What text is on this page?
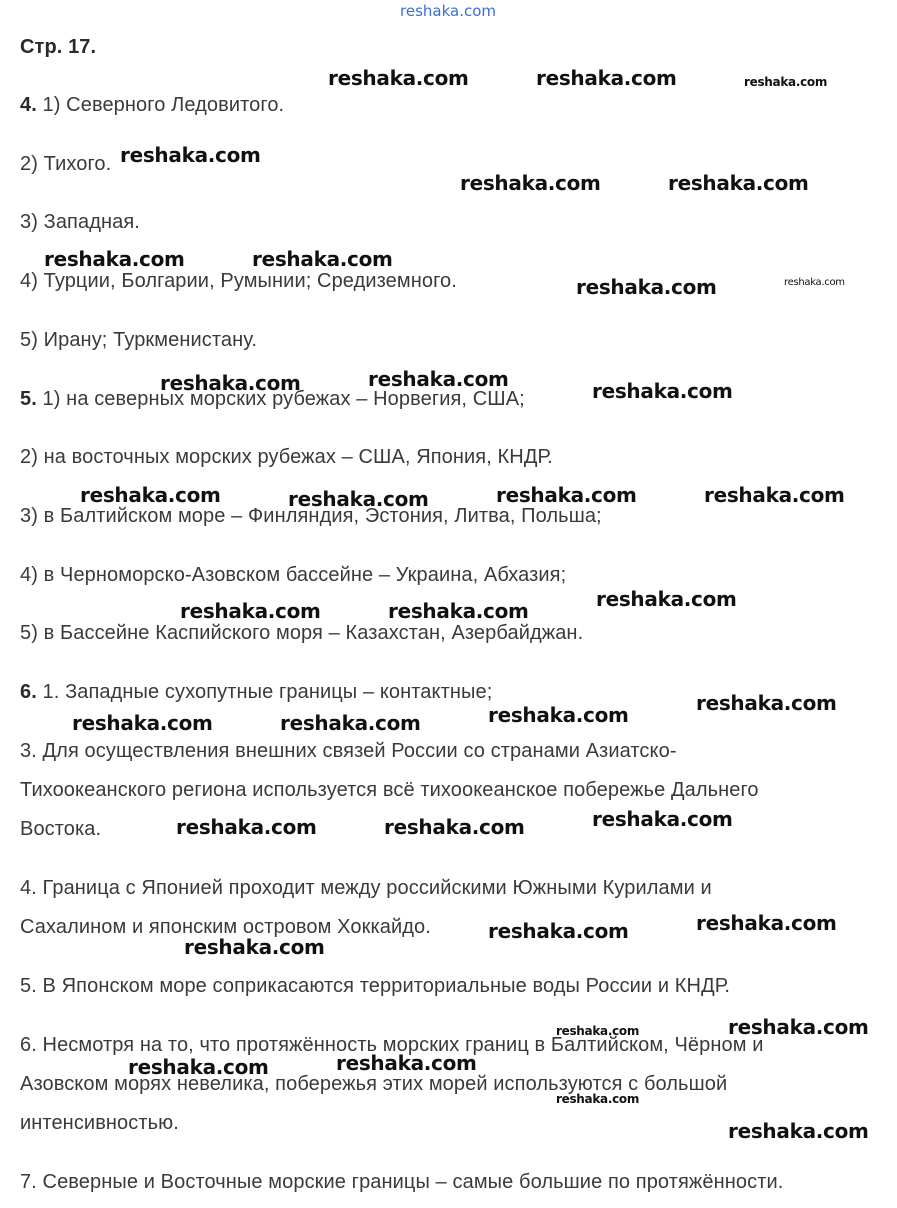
reshaka.com
Стр. 17.
4. 1) Северного Ледовитого.
2) Тихого.
3) Западная.
4) Турции, Болгарии, Румынии; Средиземного.
5) Ирану; Туркменистану.
5. 1) на северных морских рубежах – Норвегия, США;
2) на восточных морских рубежах – США, Япония, КНДР.
3) в Балтийском море – Финляндия, Эстония, Литва, Польша;
4) в Черноморско-Азовском бассейне – Украина, Абхазия;
5) в Бассейне Каспийского моря – Казахстан, Азербайджан.
6. 1. Западные сухопутные границы – контактные;
3. Для осуществления внешних связей России со странами Азиатско-
Тихоокеанского региона используется всё тихоокеанское побережье Дальнего
Востока.
4. Граница с Японией проходит между российскими Южными Курилами и
Сахалином и японским островом Хоккайдо.
5. В Японском море соприкасаются территориальные воды России и КНДР.
6. Несмотря на то, что протяжённость морских границ в Балтийском, Чёрном и
Азовском морях невелика, побережья этих морей используются с большой
интенсивностью.
7. Северные и Восточные морские границы – самые большие по протяжённости.
reshaka.com	reshaka.com	reshaka.com
reshaka.com
reshaka.com	reshaka.com
reshaka.com	reshaka.com
reshaka.com	reshaka.com
reshaka.com	reshaka.com	reshaka.com
reshaka.com	reshaka.com	reshaka.com	reshaka.com
reshaka.com	reshaka.com	reshaka.com
reshaka.com	reshaka.com	reshaka.com	reshaka.com
reshaka.com	reshaka.com	reshaka.com
reshaka.com	reshaka.com
reshaka.com
reshaka.com	reshaka.com
reshaka.com
reshaka.com
reshaka.com
reshaka.com
